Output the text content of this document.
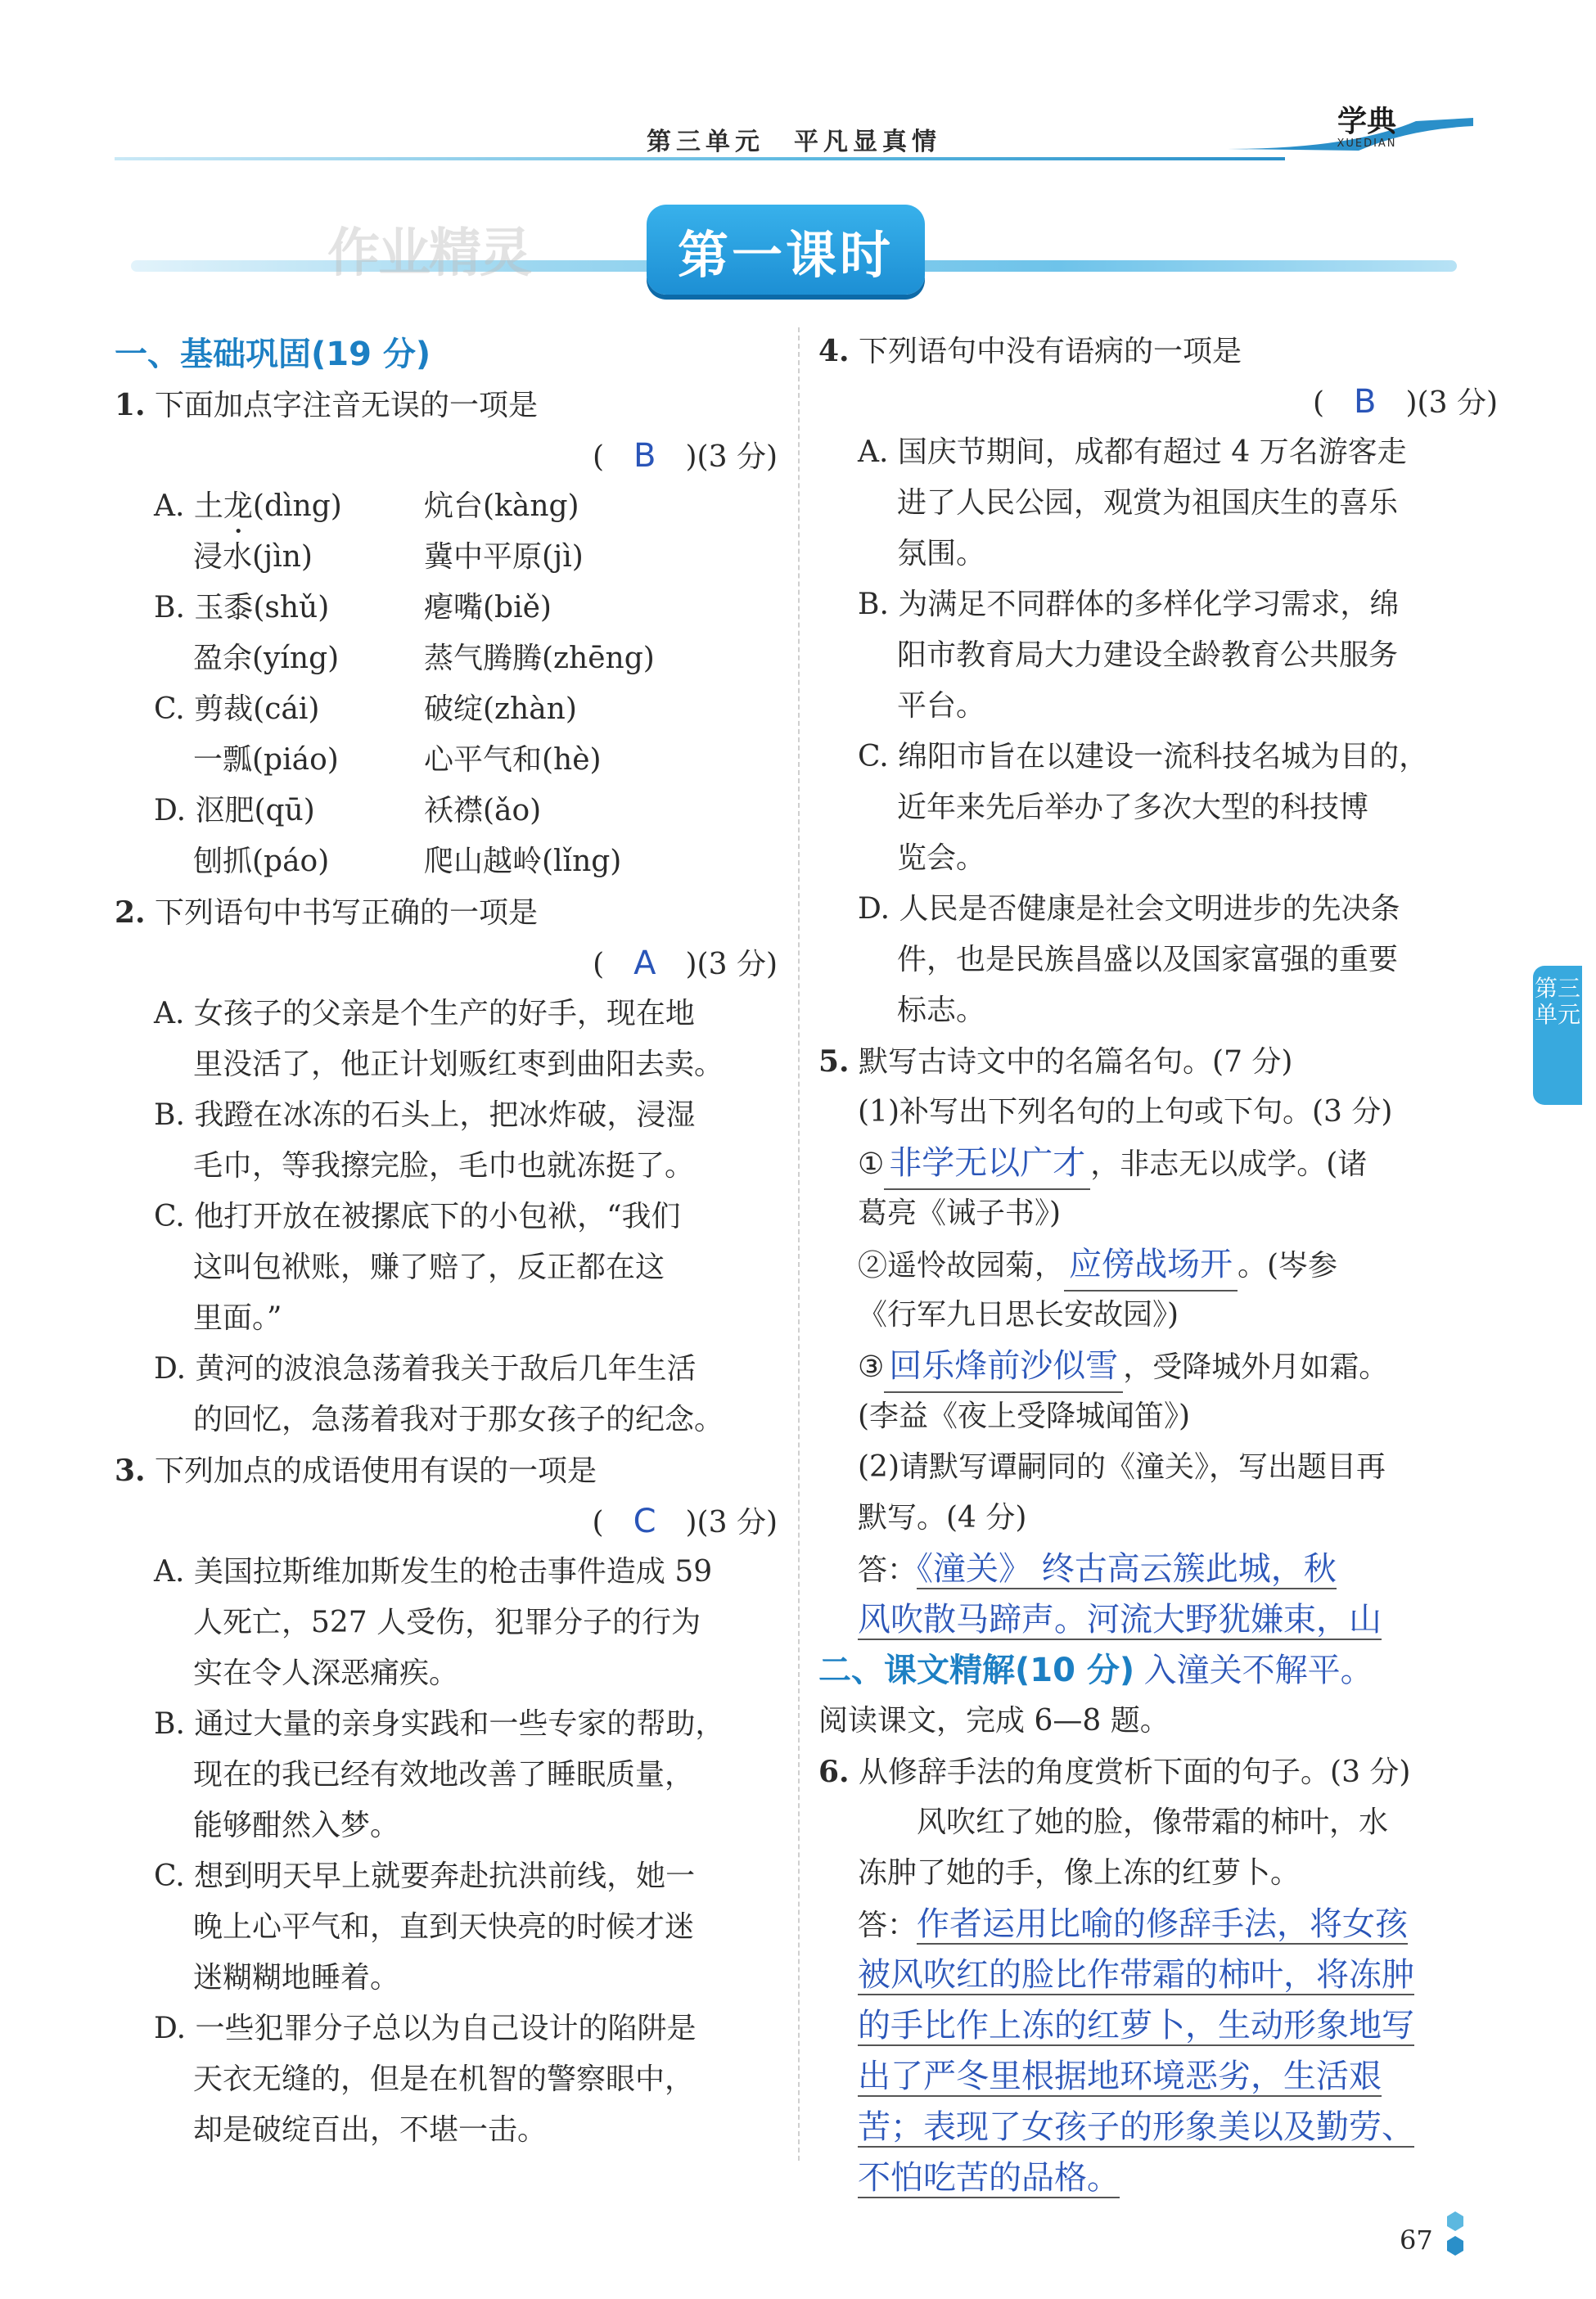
第三单元　平凡显真情
学典
XUEDIAN
作业精灵	第一课时
一、基础巩固(19 分)
1. 下面加点字注音无误的一项是
(　B　 )(3 分)
A. 土龙(dìng)	炕台(kàng)
浸水(jìn)	冀中平原(jì)
B. 玉黍(shǔ)	瘪嘴(biě)
盈余(yíng)	蒸气腾腾(zhēng)
C. 剪裁(cái)	破绽(zhàn)
一瓢(piáo)	心平气和(hè)
D. 沤肥(qū)	袄襟(ǎo)
刨抓(páo)	爬山越岭(lǐng)
2. 下列语句中书写正确的一项是
(　A　 )(3 分)
A. 女孩子的父亲是个生产的好手，现在地
里没活了，他正计划贩红枣到曲阳去卖。
B. 我蹬在冰冻的石头上，把冰炸破，浸湿
毛巾，等我擦完脸，毛巾也就冻挺了。
C. 他打开放在被摞底下的小包袱，“我们
这叫包袱账，赚了赔了，反正都在这
里面。”
D. 黄河的波浪急荡着我关于敌后几年生活
的回忆，急荡着我对于那女孩子的纪念。
3. 下列加点的成语使用有误的一项是
(　C　 )(3 分)
A. 美国拉斯维加斯发生的枪击事件造成 59
人死亡，527 人受伤，犯罪分子的行为
实在令人深恶痛疾。
B. 通过大量的亲身实践和一些专家的帮助，
现在的我已经有效地改善了睡眠质量，
能够酣然入梦。
C. 想到明天早上就要奔赴抗洪前线，她一
晚上心平气和，直到天快亮的时候才迷
迷糊糊地睡着。
D. 一些犯罪分子总以为自己设计的陷阱是
天衣无缝的，但是在机智的警察眼中，
却是破绽百出，不堪一击。
4. 下列语句中没有语病的一项是
(　B　 )(3 分)
A. 国庆节期间，成都有超过 4 万名游客走
进了人民公园，观赏为祖国庆生的喜乐
氛围。
B. 为满足不同群体的多样化学习需求，绵
阳市教育局大力建设全龄教育公共服务
平台。
C. 绵阳市旨在以建设一流科技名城为目的，
近年来先后举办了多次大型的科技博
览会。
D. 人民是否健康是社会文明进步的先决条
件，也是民族昌盛以及国家富强的重要
标志。
5. 默写古诗文中的名篇名句。(7 分)
(1)补写出下列名句的上句或下句。(3 分)
① 非学无以广才 ，非志无以成学。(诸
葛亮《诫子书》)
②遥怜故园菊， 应傍战场开 。(岑参
《行军九日思长安故园》)
③ 回乐烽前沙似雪 ，受降城外月如霜。
(李益《夜上受降城闻笛》)
(2)请默写谭嗣同的《潼关》，写出题目再
默写。(4 分)
答：《潼关》 终古高云簇此城，秋
风吹散马蹄声。河流大野犹嫌束，山
二、课文精解(10 分) 入潼关不解平。
阅读课文，完成 6—8 题。
6. 从修辞手法的角度赏析下面的句子。(3 分)
风吹红了她的脸，像带霜的柿叶，水
冻肿了她的手，像上冻的红萝卜。
答：作者运用比喻的修辞手法，将女孩
被风吹红的脸比作带霜的柿叶，将冻肿
的手比作上冻的红萝卜，生动形象地写
出了严冬里根据地环境恶劣，生活艰
苦；表现了女孩子的形象美以及勤劳、
不怕吃苦的品格。
第三单元
67
